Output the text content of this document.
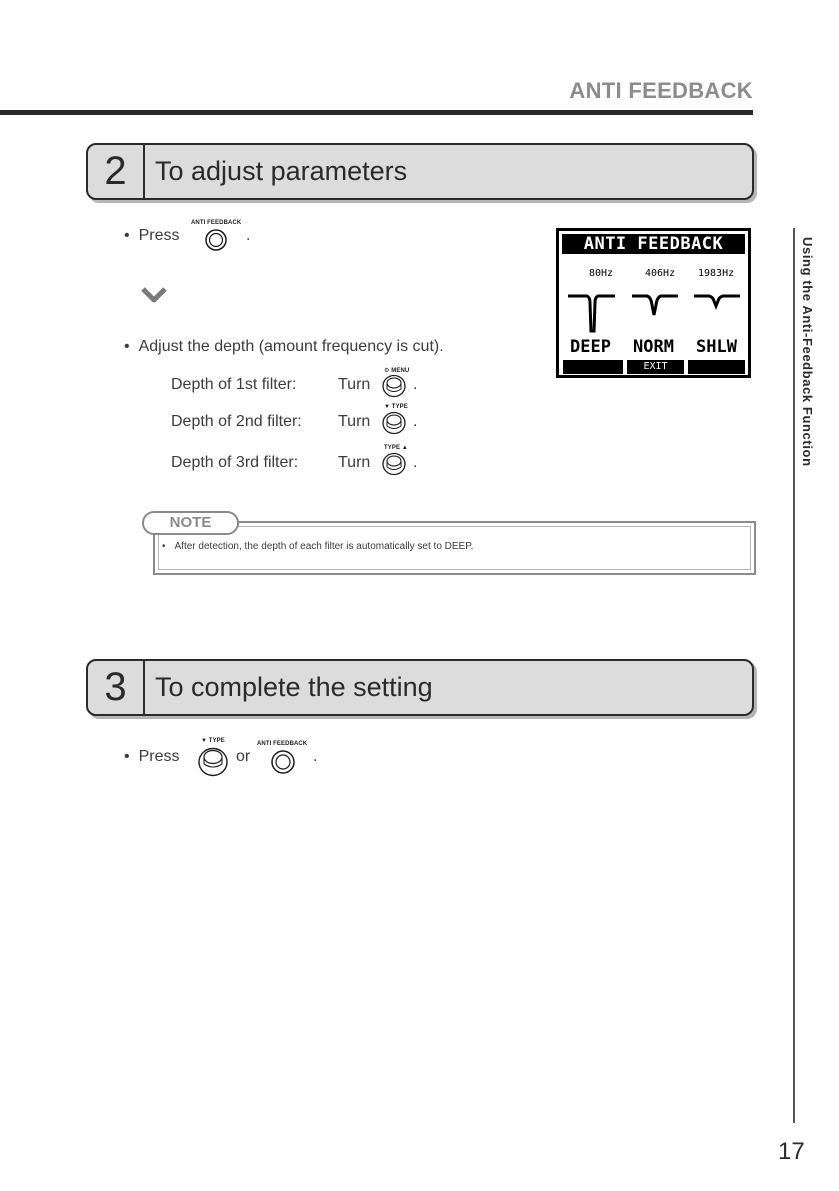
ANTI FEEDBACK
2	To adjust parameters
• Press
ANTI FEEDBACK
.
• Adjust the depth (amount frequency is cut).
Depth of 1st filter:	Turn
⚙ MENU
.
Depth of 2nd filter: Turn
▼ TYPE
.
Depth of 3rd filter: Turn
TYPE ▲
.
ANTI FEEDBACK
80Hz	406Hz 1983Hz
DEEP NORM SHLW
EXIT
NOTE
• After detection, the depth of each filter is automatically set to DEEP.
3	To complete the setting
• Press
▼ TYPE
or
ANTI FEEDBACK
.
Using the Anti-Feedback Function
17
